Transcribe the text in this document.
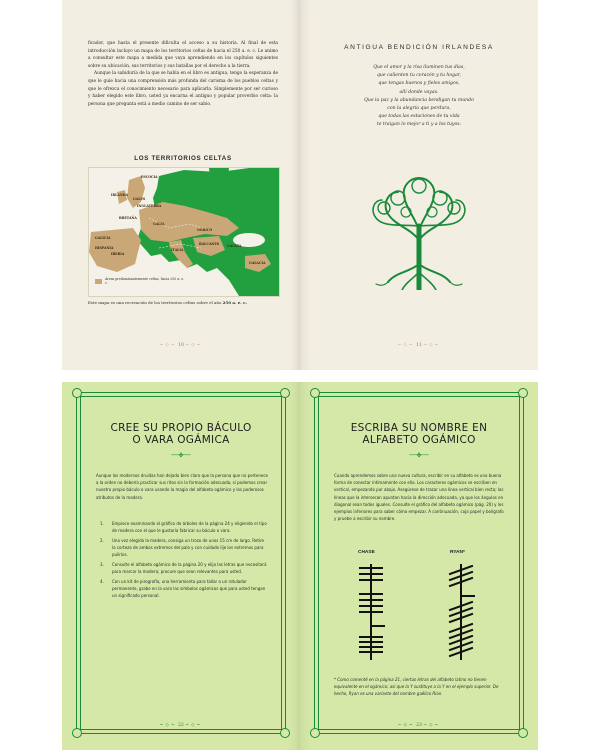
ficador, que hasta el presente dificulta el acceso a su historia. Al final de esta introducción incluyo un mapa de los territorios celtas de hacia el 250 a. e. c. Le animo a consultar este mapa a medida que vaya aprendiendo en los capítulos siguientes sobre su ubicación, sus territorios y sus batallas por el derecho a la tierra.

Aunque la sabiduría de la que se habla en el libro es antigua, tengo la esperanza de que le guíe hacia una comprensión más profunda del carisma de los pueblos celtas y que le ofrezca el conocimiento necesario para aplicarla. Simplemente por ser curioso y haber elegido este libro, usted ya encarna el antiguo y popular proverbio celta: la persona que pregunta está a medio camino de ser sabio.

LOS TERRITORIOS CELTAS
Áreas predominantemente celtas, hacia 250 a. e. c.
ESCOCIA
IRLANDA
GALES
INGLATERRA
BRETAÑA
GALIA
GALICIA
NÓRICO
IBERIA
HISPANIA	ITALIA
BALCANES GÁLATA
GALACIA
Este mapa es una recreación de los territorios celtas sobre el año 250 a. e. c.
~◇~ 10 ~◇~
ANTIGUA BENDICIÓN IRLANDESA
Que el amor y la risa iluminen tus días,
que calienten tu corazón y tu hogar,
que tengas buenos y fieles amigos,
allí donde vayas.
Que la paz y la abundancia bendigan tu mundo
con la alegría que perdura,
que todas las estaciones de tu vida
te traigan lo mejor a ti y a los tuyos.
~◇~ 11 ~◇~
CREE SU PROPIO BÁCULO
O VARA OGÁMICA
──✤──

Aunque los modernos druidas han dejado bien claro que la persona que no pertenece a la orden no debería practicar sus ritos sin la formación adecuada, sí podemos crear nuestro propio báculo o vara usando la magia del alfabeto ogámico y los poderosos atributos de la madera.

1. Empiece examinando el gráfico de árboles de la página 24 y eligiendo el tipo de madera con el que le gustaría fabricar su báculo o vara.
2. Una vez elegida la madera, consiga un trozo de unos 15 cm de largo. Retire la corteza de ambos extremos del palo y con cuidado lije los extremos para pulirlos.
3. Consulte el alfabeto ogámico de la página 20 y elija las letras que necesitará para marcar la madera; procure que sean relevantes para usted.
4. Con un kit de pirografía, una herramienta para tallar o un rotulador permanente, grabe en la vara las símbolos ogámicos que para usted tengan un significado personal.
~◇~ 22 ~◇~
ESCRIBA SU NOMBRE EN
ALFABETO OGÁMICO
──✤──

Cuando aprendemos sobre una nueva cultura, escribir en su alfabeto es una buena forma de conectar íntimamente con ella. Los caracteres ogámicos se escriben en vertical, empezando por abajo. Asegúrese de trazar una línea vertical bien recta; las líneas que la intersecan apuntan hacia la dirección adecuada, ya que los ángulos en diagonal sean todos iguales. Consulte el gráfico del alfabeto ogámico (pág. 20) y los ejemplos inferiores para saber cómo empezar. A continuación, coja papel y bolígrafo y pruebe a escribir su nombre.

CHASE	RYAN*
* Como comenté en la página 21, ciertas letras del alfabeto latino no tienen equivalente en el ogámico; así que la Y sustituye a la Y en el ejemplo superior. De hecho, Ryan es una variante del nombre gaélico Rían.
~◇~ 23 ~◇~
